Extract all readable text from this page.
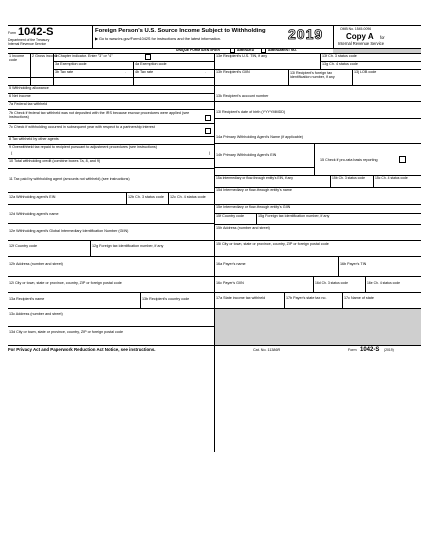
Form 1042-S
Department of the Treasury
Internal Revenue Service
Foreign Person's U.S. Source Income Subject to Withholding
▶ Go to www.irs.gov/Form1042S for instructions and the latest information.	2019	OMB No. 1545-0096
Copy A for
Internal Revenue Service
UNIQUE FORM IDENTIFIER	AMENDED	AMENDMENT NO.
1 Income code
2 Gross income
3 Chapter indicator. Enter "3" or "4"
3a Exemption code	4a Exemption code
3b Tax rate	. 4b Tax rate	.
5 Withholding allowance
6 Net income
7a Federal tax withheld
7b Check if federal tax withheld was not deposited with the IRS because escrow procedures were applied (see instructions)
7c Check if withholding occurred in subsequent year with respect to a partnership interest
8 Tax withheld by other agents
9 Overwithheld tax repaid to recipient pursuant to adjustment procedures (see instructions)
(	)
10 Total withholding credit (combine boxes 7a, 8, and 9)
11 Tax paid by withholding agent (amounts not withheld) (see instructions)
12a Withholding agent's EIN	12b Ch. 3 status code 12c Ch. 4 status code
12d Withholding agent's name
12e Withholding agent's Global Intermediary Identification Number (GIIN)
12f Country code	12g Foreign tax identification number, if any
12h Address (number and street)
12i City or town, state or province, country, ZIP or foreign postal code
13a Recipient's name	13b Recipient's country code
13c Address (number and street)
13d City or town, state or province, country, ZIP or foreign postal code
13e Recipient's U.S. TIN, if any	13f Ch. 3 status code
13g Ch. 4 status code
13h Recipient's GIIN	13i Recipient's foreign tax identification number, if any
13j LOB code
13k Recipient's account number
13l Recipient's date of birth (YYYYMMDD)
14a Primary Withholding Agent's Name (if applicable)
14b Primary Withholding Agent's EIN
15 Check if pro-rata basis reporting
15a Intermediary or flow-through entity's EIN, if any	15b Ch. 3 status code	15c Ch. 4 status code
15d Intermediary or flow-through entity's name
15e Intermediary or flow-through entity's GIIN
15f Country code	15g Foreign tax identification number, if any
15h Address (number and street)
15i City or town, state or province, country, ZIP or foreign postal code
16a Payer's name	16b Payer's TIN
16c Payer's GIIN	16d Ch. 3 status code	16e Ch. 4 status code
17a State income tax withheld	17b Payer's state tax no.	17c Name of state
For Privacy Act and Paperwork Reduction Act Notice, see instructions.	Cat. No. 11386R	Form 1042-S (2019)
